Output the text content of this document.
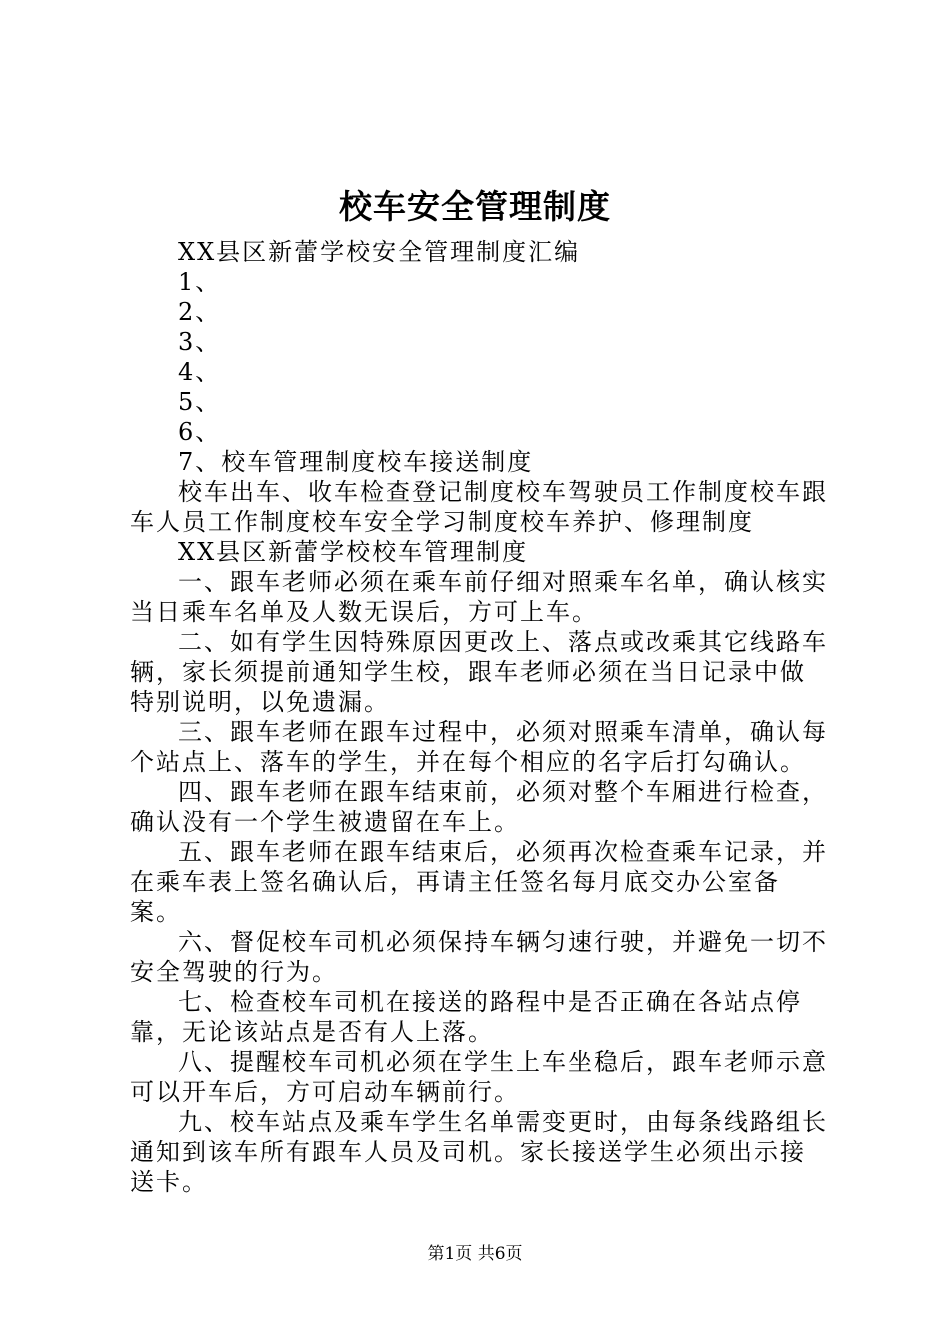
校车安全管理制度

XX县区新蕾学校安全管理制度汇编

1、

2、

3、

4、

5、

6、

7、校车管理制度校车接送制度

校车出车、收车检查登记制度校车驾驶员工作制度校车跟车人员工作制度校车安全学习制度校车养护、修理制度

XX县区新蕾学校校车管理制度

一、跟车老师必须在乘车前仔细对照乘车名单，确认核实当日乘车名单及人数无误后，方可上车。

二、如有学生因特殊原因更改上、落点或改乘其它线路车辆，家长须提前通知学生校，跟车老师必须在当日记录中做特别说明，以免遗漏。

三、跟车老师在跟车过程中，必须对照乘车清单，确认每个站点上、落车的学生，并在每个相应的名字后打勾确认。

四、跟车老师在跟车结束前，必须对整个车厢进行检查，确认没有一个学生被遗留在车上。

五、跟车老师在跟车结束后，必须再次检查乘车记录，并在乘车表上签名确认后，再请主任签名每月底交办公室备案。

六、督促校车司机必须保持车辆匀速行驶，并避免一切不安全驾驶的行为。

七、检查校车司机在接送的路程中是否正确在各站点停靠，无论该站点是否有人上落。

八、提醒校车司机必须在学生上车坐稳后，跟车老师示意可以开车后，方可启动车辆前行。

九、校车站点及乘车学生名单需变更时，由每条线路组长通知到该车所有跟车人员及司机。家长接送学生必须出示接送卡。

第1页 共6页
